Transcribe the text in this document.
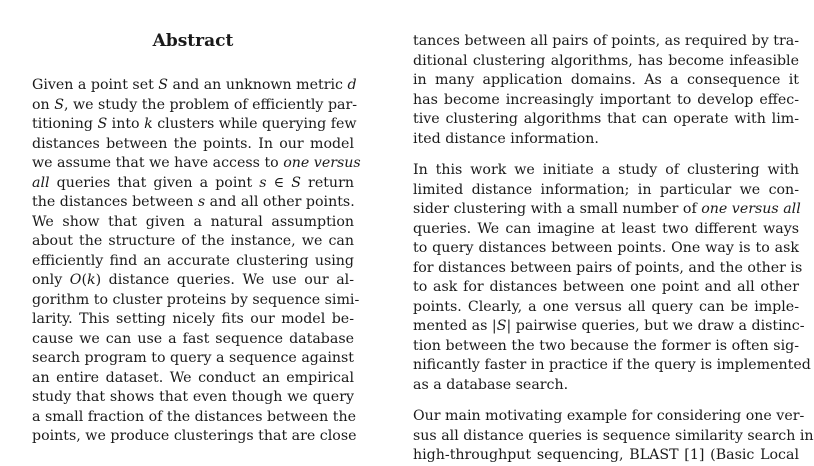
Abstract
Given a point set S and an unknown metric d
on S, we study the problem of efficiently par-
titioning S into k clusters while querying few
distances between the points. In our model
we assume that we have access to one versus
all queries that given a point s ∈ S return
the distances between s and all other points.
We show that given a natural assumption
about the structure of the instance, we can
efficiently find an accurate clustering using
only O(k) distance queries. We use our al-
gorithm to cluster proteins by sequence simi-
larity. This setting nicely fits our model be-
cause we can use a fast sequence database
search program to query a sequence against
an entire dataset. We conduct an empirical
study that shows that even though we query
a small fraction of the distances between the
points, we produce clusterings that are close
tances between all pairs of points, as required by tra-
ditional clustering algorithms, has become infeasible
in many application domains. As a consequence it
has become increasingly important to develop effec-
tive clustering algorithms that can operate with lim-
ited distance information.
In this work we initiate a study of clustering with
limited distance information; in particular we con-
sider clustering with a small number of one versus all
queries. We can imagine at least two different ways
to query distances between points. One way is to ask
for distances between pairs of points, and the other is
to ask for distances between one point and all other
points. Clearly, a one versus all query can be imple-
mented as |S| pairwise queries, but we draw a distinc-
tion between the two because the former is often sig-
nificantly faster in practice if the query is implemented
as a database search.
Our main motivating example for considering one ver-
sus all distance queries is sequence similarity search in
high-throughput sequencing, BLAST [1] (Basic Local
